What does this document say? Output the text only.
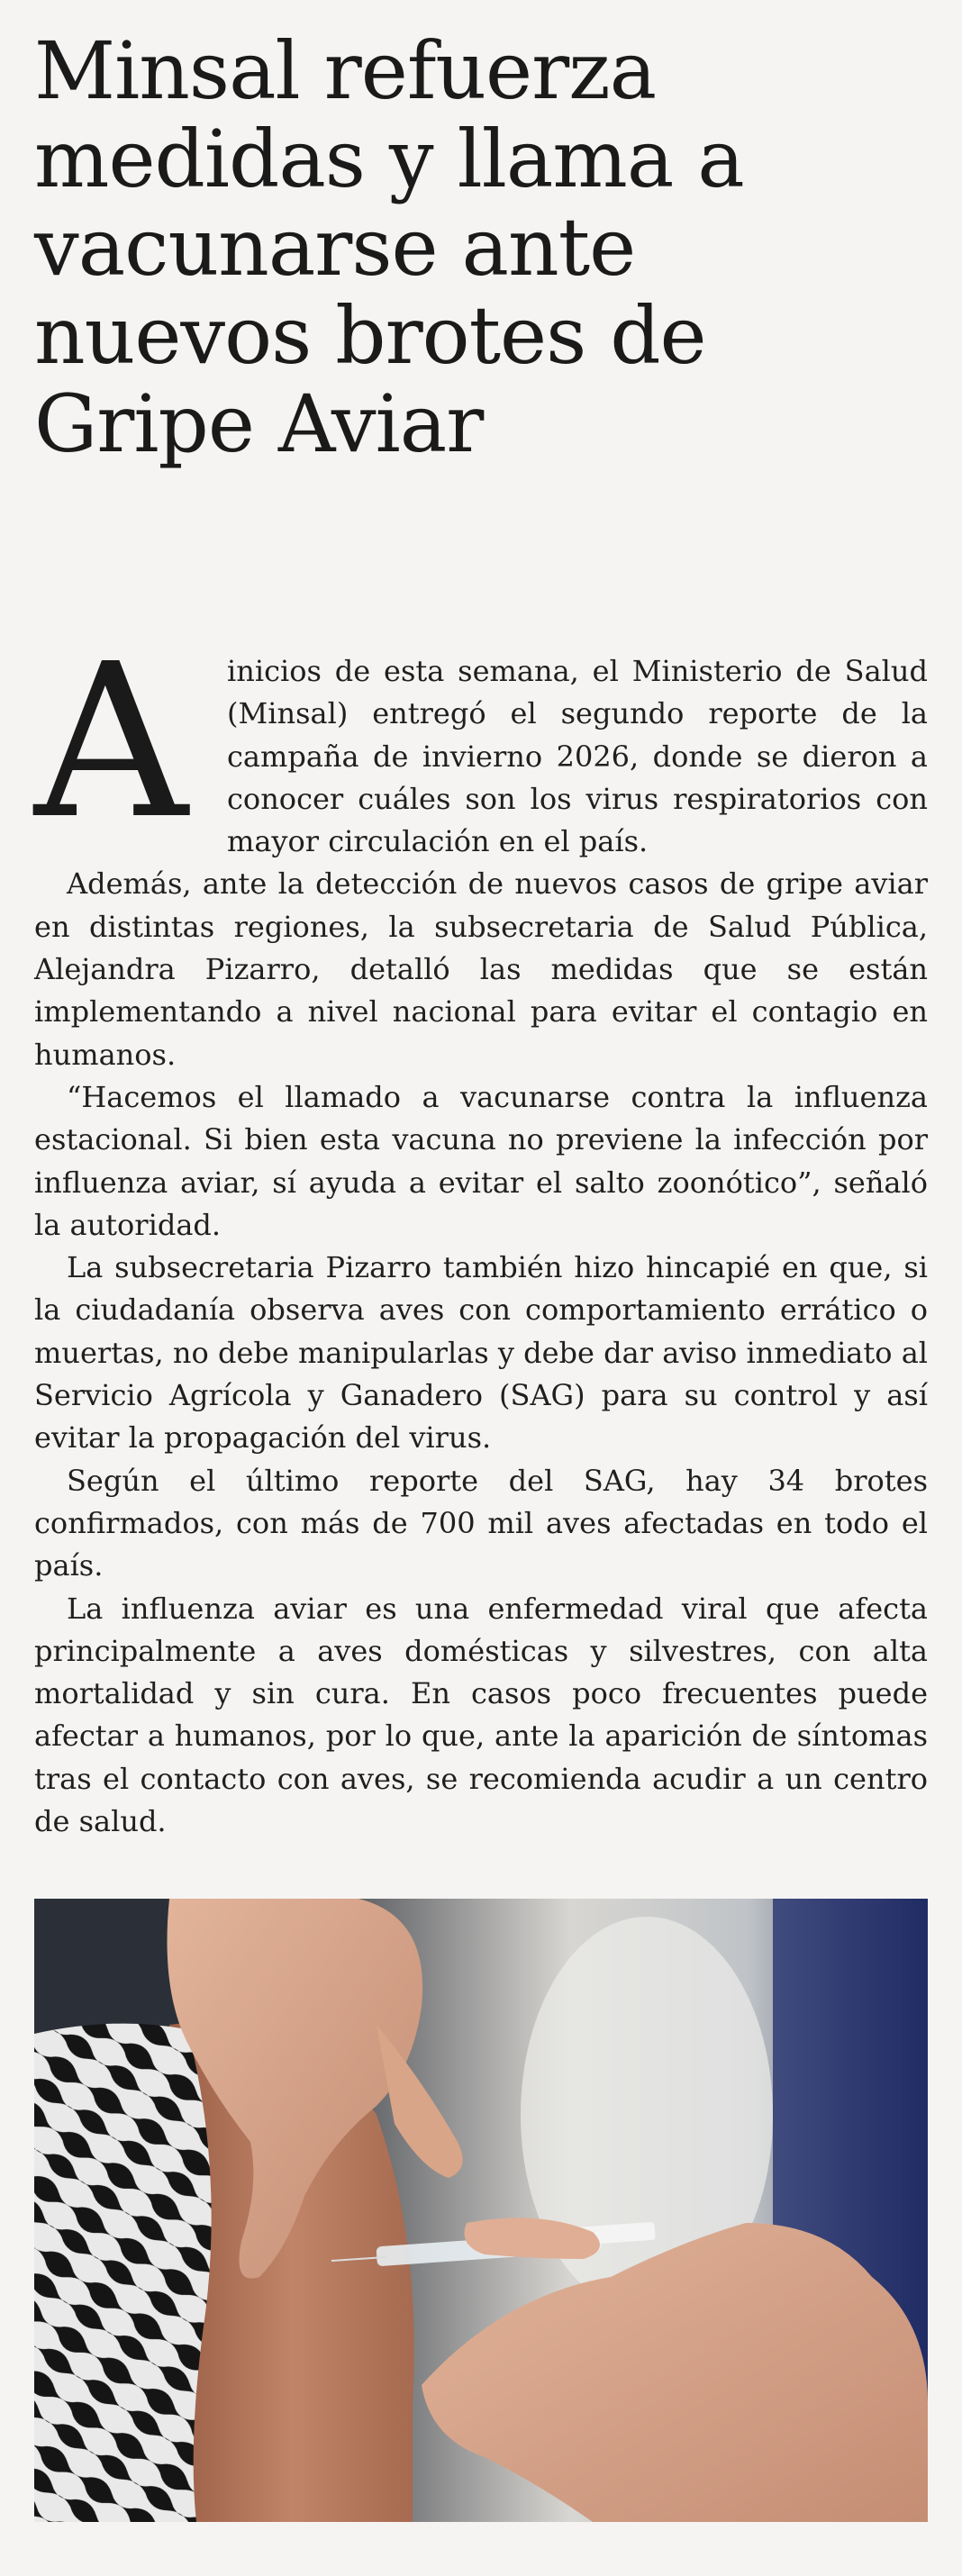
Minsal refuerza medidas y llama a vacunarse ante nuevos brotes de Gripe Aviar

A inicios de esta semana, el Ministerio de Salud (Minsal) entregó el segundo reporte de la campaña de invierno 2026, donde se dieron a conocer cuáles son los virus respiratorios con mayor circulación en el país.

Además, ante la detección de nuevos casos de gripe aviar en distintas regiones, la subsecretaria de Salud Pública, Alejandra Pizarro, detalló las medidas que se están implementando a nivel nacional para evitar el contagio en humanos.

“Hacemos el llamado a vacunarse contra la influenza estacional. Si bien esta vacuna no previene la infección por influenza aviar, sí ayuda a evitar el salto zoonótico”, señaló la autoridad.

La subsecretaria Pizarro también hizo hincapié en que, si la ciudadanía observa aves con comportamiento errático o muertas, no debe manipularlas y debe dar aviso inmediato al Servicio Agrícola y Ganadero (SAG) para su control y así evitar la propagación del virus.

Según el último reporte del SAG, hay 34 brotes confirmados, con más de 700 mil aves afectadas en todo el país.

La influenza aviar es una enfermedad viral que afecta principalmente a aves domésticas y silvestres, con alta mortalidad y sin cura. En casos poco frecuentes puede afectar a humanos, por lo que, ante la aparición de síntomas tras el contacto con aves, se recomienda acudir a un centro de salud.
